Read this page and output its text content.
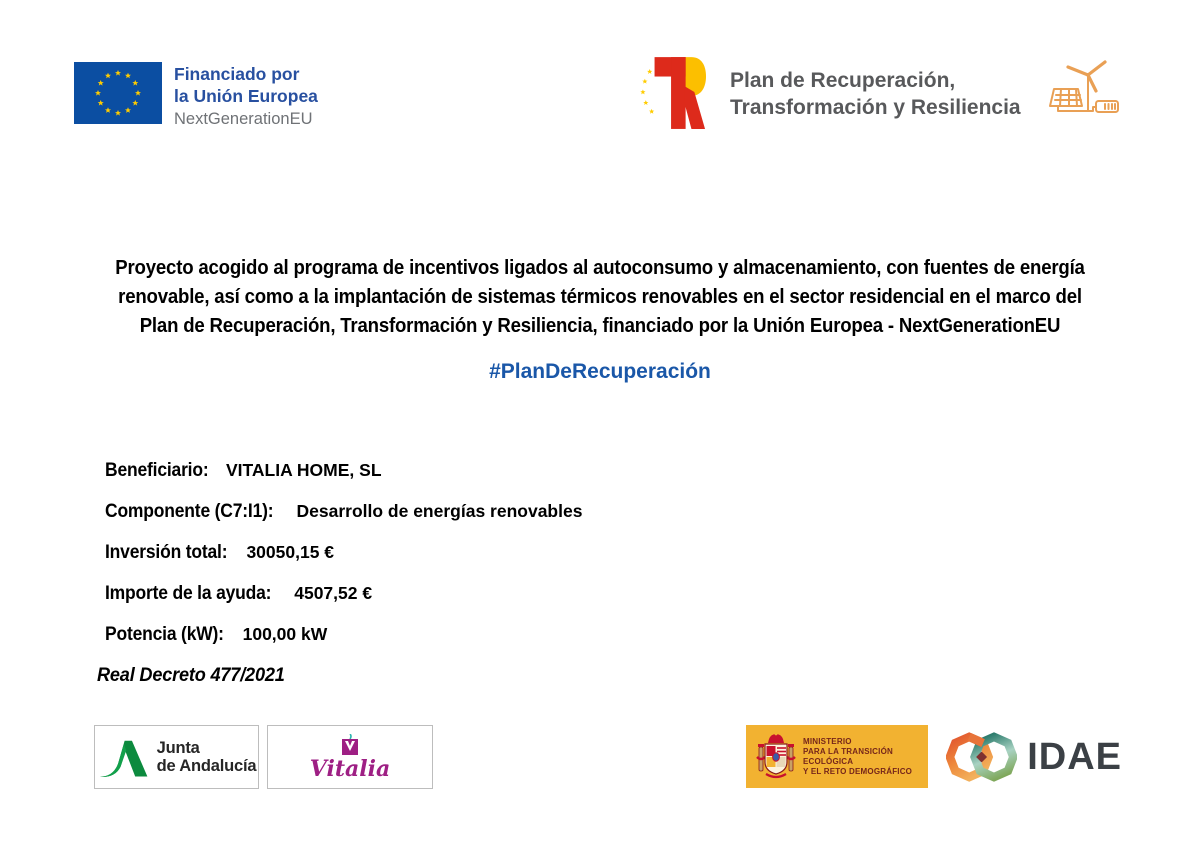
Financiado por
la Unión Europea
NextGenerationEU
Plan de Recuperación,
Transformación y Resiliencia
Proyecto acogido al programa de incentivos ligados al autoconsumo y almacenamiento, con fuentes de energía
renovable, así como a la implantación de sistemas térmicos renovables en el sector residencial en el marco del
Plan de Recuperación, Transformación y Resiliencia, financiado por la Unión Europea - NextGenerationEU
#PlanDeRecuperación
Beneficiario: VITALIA HOME, SL
Componente (C7:I1): Desarrollo de energías renovables
Inversión total: 30050,15 €
Importe de la ayuda: 4507,52 €
Potencia (kW): 100,00 kW
Real Decreto 477/2021
Junta
de Andalucía Vitalia
MINISTERIO
PARA LA TRANSICIÓN ECOLÓGICA
Y EL RETO DEMOGRÁFICO	IDAE
